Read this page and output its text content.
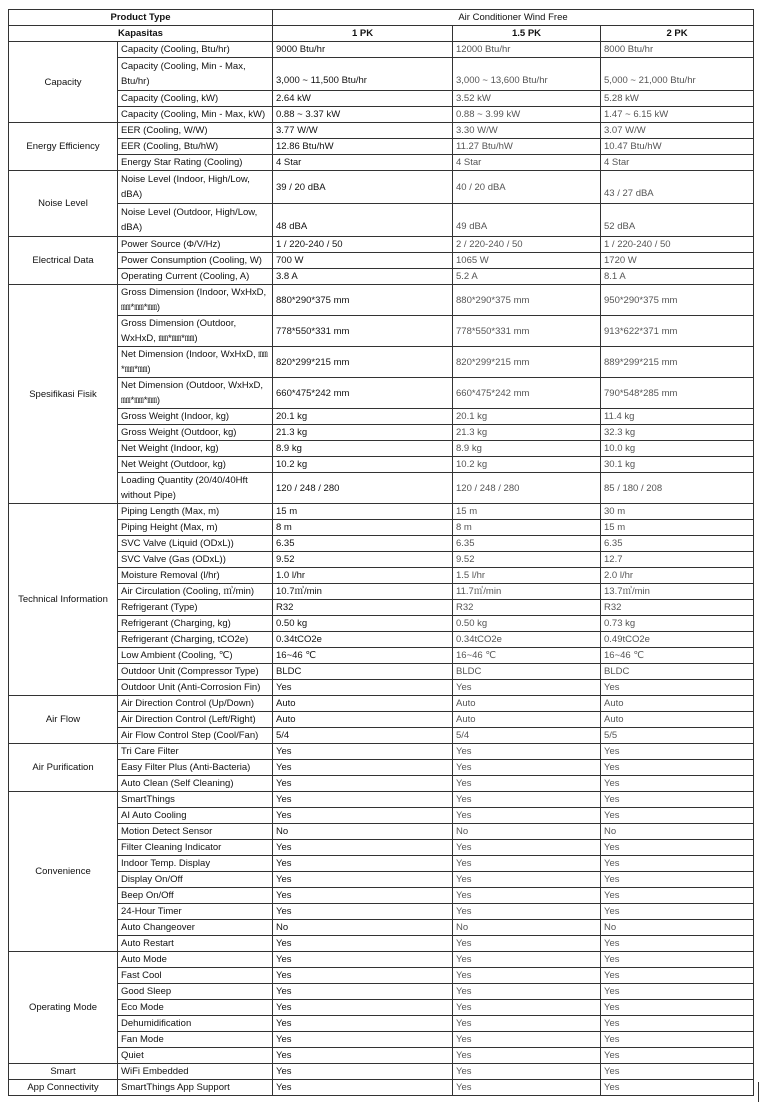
Product Type		Air Conditioner Wind Free		
Kapasitas		1 PK	1.5 PK	2 PK
Capacity	Capacity (Cooling, Btu/hr)	9000 Btu/hr	12000 Btu/hr	8000 Btu/hr
	Capacity (Cooling, Min - Max, Btu/hr)	3,000 ~ 11,500 Btu/hr	3,000 ~ 13,600 Btu/hr	5,000 ~ 21,000 Btu/hr
	Capacity (Cooling, kW)	2.64 kW	3.52 kW	5.28 kW
	Capacity (Cooling, Min - Max, kW)	0.88 ~ 3.37 kW	0.88 ~ 3.99 kW	1.47 ~ 6.15 kW
Energy Efficiency	EER (Cooling, W/W)	3.77 W/W	3.30 W/W	3.07 W/W
	EER (Cooling, Btu/hW)	12.86 Btu/hW	11.27 Btu/hW	10.47 Btu/hW
	Energy Star Rating (Cooling)	4 Star	4 Star	4 Star
Noise Level	Noise Level (Indoor, High/Low, dBA)	39 / 20 dBA	40 / 20 dBA	43 / 27 dBA
	Noise Level (Outdoor, High/Low, dBA)	48 dBA	49 dBA	52 dBA
Electrical Data	Power Source (Φ/V/Hz)	1 / 220-240 / 50	2 / 220-240 / 50	1 / 220-240 / 50
	Power Consumption (Cooling, W)	700 W	1065 W	1720 W
	Operating Current (Cooling, A)	3.8 A	5.2 A	8.1 A
Spesifikasi Fisik	Gross Dimension (Indoor, WxHxD, ㎜*㎜*㎜)	880*290*375 mm	880*290*375 mm	950*290*375 mm
	Gross Dimension (Outdoor, WxHxD, ㎜*㎜*㎜)	778*550*331 mm	778*550*331 mm	913*622*371 mm
	Net Dimension (Indoor, WxHxD, ㎜*㎜*㎜)	820*299*215 mm	820*299*215 mm	889*299*215 mm
	Net Dimension (Outdoor, WxHxD, ㎜*㎜*㎜)	660*475*242 mm	660*475*242 mm	790*548*285 mm
	Gross Weight (Indoor, kg)	20.1 kg	20.1 kg	11.4 kg
	Gross Weight (Outdoor, kg)	21.3 kg	21.3 kg	32.3 kg
	Net Weight (Indoor, kg)	8.9 kg	8.9 kg	10.0 kg
	Net Weight (Outdoor, kg)	10.2 kg	10.2 kg	30.1 kg
	Loading Quantity (20/40/40Hft without Pipe)	120 / 248 / 280	120 / 248 / 280	85 / 180 / 208
Technical Information	Piping Length (Max, m)	15 m	15 m	30 m
	Piping Height (Max, m)	8 m	8 m	15 m
	SVC Valve (Liquid (ODxL))	6.35	6.35	6.35
	SVC Valve (Gas (ODxL))	9.52	9.52	12.7
	Moisture Removal (l/hr)	1.0 l/hr	1.5 l/hr	2.0 l/hr
	Air Circulation (Cooling, ㎥/min)	10.7㎥/min	11.7㎥/min	13.7㎥/min
	Refrigerant (Type)	R32	R32	R32
	Refrigerant (Charging, kg)	0.50 kg	0.50 kg	0.73 kg
	Refrigerant (Charging, tCO2e)	0.34tCO2e	0.34tCO2e	0.49tCO2e
	Low Ambient (Cooling, ℃)	16~46 ℃	16~46 ℃	16~46 ℃
	Outdoor Unit (Compressor Type)	BLDC	BLDC	BLDC
	Outdoor Unit (Anti-Corrosion Fin)	Yes	Yes	Yes
Air Flow	Air Direction Control (Up/Down)	Auto	Auto	Auto
	Air Direction Control (Left/Right)	Auto	Auto	Auto
	Air Flow Control Step (Cool/Fan)	5/4	5/4	5/5
Air Purification	Tri Care Filter	Yes	Yes	Yes
	Easy Filter Plus (Anti-Bacteria)	Yes	Yes	Yes
	Auto Clean (Self Cleaning)	Yes	Yes	Yes
Convenience	SmartThings	Yes	Yes	Yes
	AI Auto Cooling	Yes	Yes	Yes
	Motion Detect Sensor	No	No	No
	Filter Cleaning Indicator	Yes	Yes	Yes
	Indoor Temp. Display	Yes	Yes	Yes
	Display On/Off	Yes	Yes	Yes
	Beep On/Off	Yes	Yes	Yes
	24-Hour Timer	Yes	Yes	Yes
	Auto Changeover	No	No	No
	Auto Restart	Yes	Yes	Yes
Operating Mode	Auto Mode	Yes	Yes	Yes
	Fast Cool	Yes	Yes	Yes
	Good Sleep	Yes	Yes	Yes
	Eco Mode	Yes	Yes	Yes
	Dehumidification	Yes	Yes	Yes
	Fan Mode	Yes	Yes	Yes
	Quiet	Yes	Yes	Yes
Smart	WiFi Embedded	Yes	Yes	Yes
App Connectivity	SmartThings App Support	Yes	Yes	Yes
